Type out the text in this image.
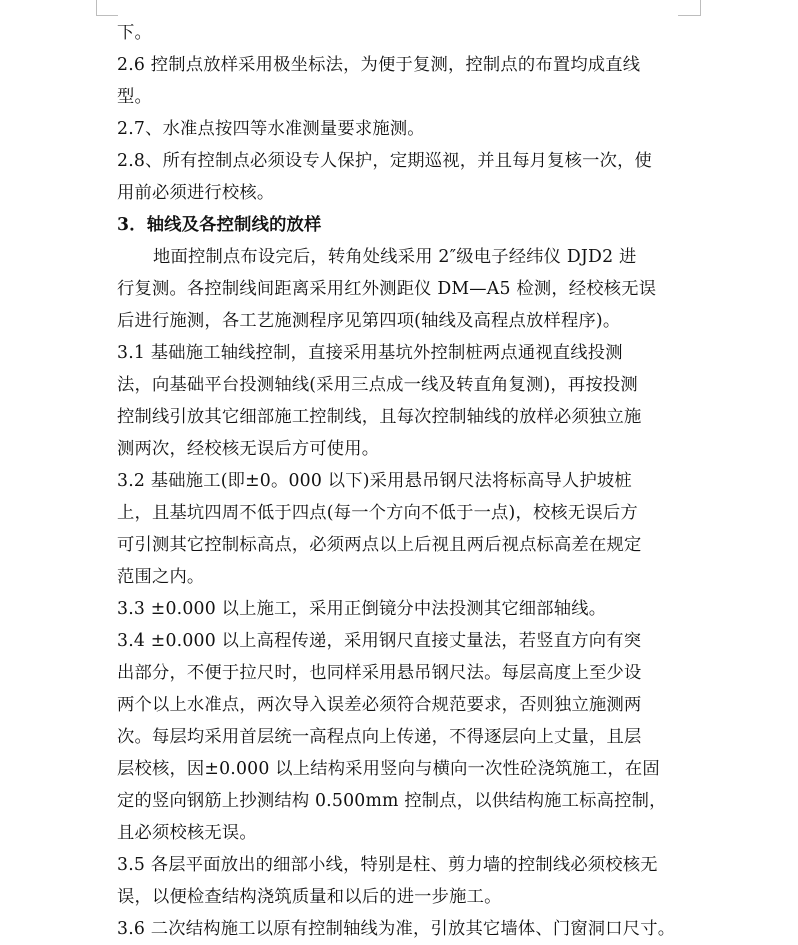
下。
2.6 控制点放样采用极坐标法，为便于复测，控制点的布置均成直线
型。
2.7、水准点按四等水准测量要求施测。
2.8、所有控制点必须设专人保护，定期巡视，并且每月复核一次，使
用前必须进行校核。
3．轴线及各控制线的放样
地面控制点布设完后，转角处线采用 2″级电子经纬仪 DJD2 进
行复测。各控制线间距离采用红外测距仪 DM—A5 检测，经校核无误
后进行施测，各工艺施测程序见第四项(轴线及高程点放样程序)。
3.1 基础施工轴线控制，直接采用基坑外控制桩两点通视直线投测
法，向基础平台投测轴线(采用三点成一线及转直角复测)，再按投测
控制线引放其它细部施工控制线，且每次控制轴线的放样必须独立施
测两次，经校核无误后方可使用。
3.2 基础施工(即±0。000 以下)采用悬吊钢尺法将标高导人护坡桩
上，且基坑四周不低于四点(每一个方向不低于一点)，校核无误后方
可引测其它控制标高点，必须两点以上后视且两后视点标高差在规定
范围之内。
3.3 ±0.000 以上施工，采用正倒镜分中法投测其它细部轴线。
3.4 ±0.000 以上高程传递，采用钢尺直接丈量法，若竖直方向有突
出部分，不便于拉尺时，也同样采用悬吊钢尺法。每层高度上至少设
两个以上水准点，两次导入误差必须符合规范要求，否则独立施测两
次。每层均采用首层统一高程点向上传递，不得逐层向上丈量，且层
层校核，因±0.000 以上结构采用竖向与横向一次性砼浇筑施工，在固
定的竖向钢筋上抄测结构 0.500mm 控制点，以供结构施工标高控制，
且必须校核无误。
3.5 各层平面放出的细部小线，特别是柱、剪力墙的控制线必须校核无
误，以便检查结构浇筑质量和以后的进一步施工。
3.6 二次结构施工以原有控制轴线为准，引放其它墙体、门窗洞口尺寸。
